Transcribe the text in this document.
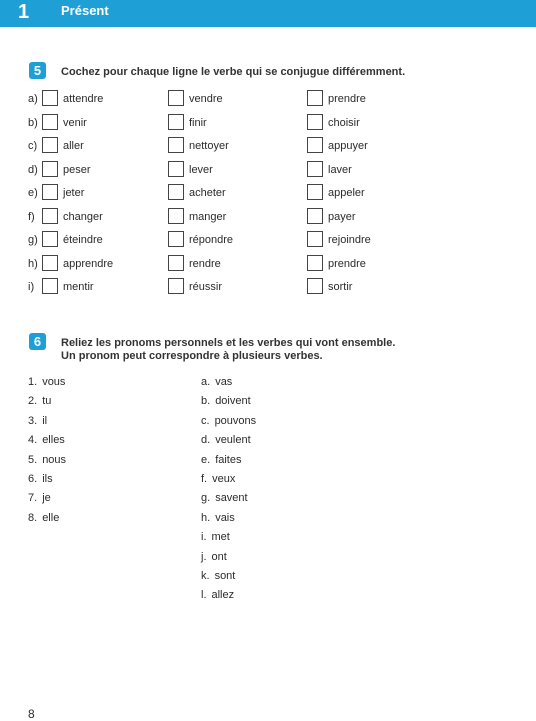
1 Présent
5	Cochez pour chaque ligne le verbe qui se conjugue différemment.
a) attendre	vendre	prendre
b) venir	finir	choisir
c) aller	nettoyer	appuyer
d) peser	lever	laver
e) jeter	acheter	appeler
f)	changer	manger	payer
g) éteindre	répondre	rejoindre
h) apprendre	rendre	prendre
i)	mentir	réussir	sortir
6	Reliez les pronoms personnels et les verbes qui vont ensemble.
Un pronom peut correspondre à plusieurs verbes.
1. vous
2. tu
3. il
4. elles
5. nous
6. ils
7. je
8. elle
a. vas
b. doivent
c. pouvons
d. veulent
e. faites
f. veux
g. savent
h. vais
i. met
j. ont
k. sont
l. allez
8
